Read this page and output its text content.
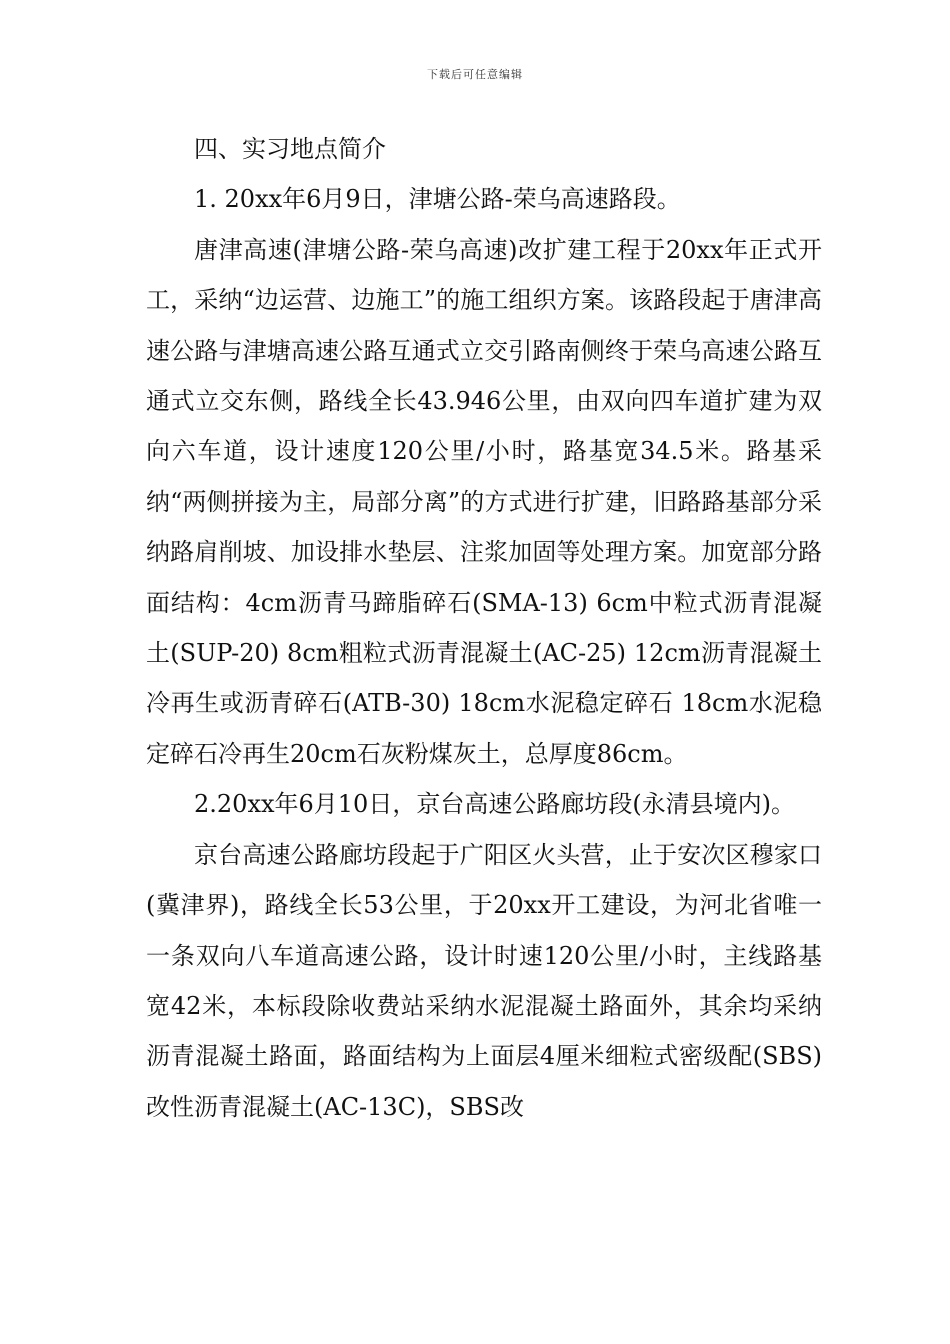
下载后可任意编辑

四、实习地点简介

1. 20xx年6月9日，津塘公路-荣乌高速路段。

唐津高速(津塘公路-荣乌高速)改扩建工程于20xx年正式开工，采纳“边运营、边施工”的施工组织方案。该路段起于唐津高速公路与津塘高速公路互通式立交引路南侧终于荣乌高速公路互通式立交东侧，路线全长43.946公里，由双向四车道扩建为双向六车道，设计速度120公里/小时，路基宽34.5米。路基采纳“两侧拼接为主，局部分离”的方式进行扩建，旧路路基部分采纳路肩削坡、加设排水垫层、注浆加固等处理方案。加宽部分路面结构：4cm沥青马蹄脂碎石(SMA-13) 6cm中粒式沥青混凝土(SUP-20) 8cm粗粒式沥青混凝土(AC-25) 12cm沥青混凝土冷再生或沥青碎石(ATB-30) 18cm水泥稳定碎石 18cm水泥稳定碎石冷再生20cm石灰粉煤灰土，总厚度86cm。

2.20xx年6月10日，京台高速公路廊坊段(永清县境内)。

京台高速公路廊坊段起于广阳区火头营，止于安次区穆家口(冀津界)，路线全长53公里，于20xx开工建设，为河北省唯一一条双向八车道高速公路，设计时速120公里/小时，主线路基宽42米，本标段除收费站采纳水泥混凝土路面外，其余均采纳沥青混凝土路面，路面结构为上面层4厘米细粒式密级配(SBS)改性沥青混凝土(AC-13C)，SBS改
